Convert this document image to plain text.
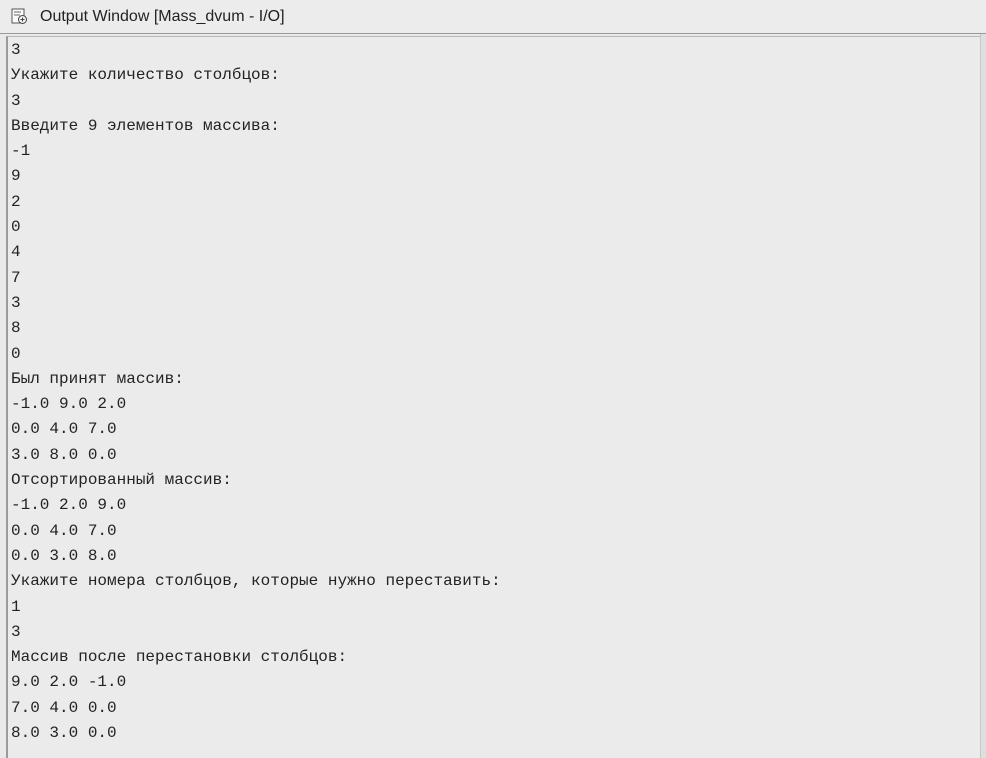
Output Window [Mass_dvum - I/O]
3
Укажите количество столбцов:
3
Введите 9 элементов массива:
-1
9
2
0
4
7
3
8
0
Был принят массив:
-1.0 9.0 2.0
0.0 4.0 7.0
3.0 8.0 0.0
Отсортированный массив:
-1.0 2.0 9.0
0.0 4.0 7.0
0.0 3.0 8.0
Укажите номера столбцов, которые нужно переставить:
1
3
Массив после перестановки столбцов:
9.0 2.0 -1.0
7.0 4.0 0.0
8.0 3.0 0.0
